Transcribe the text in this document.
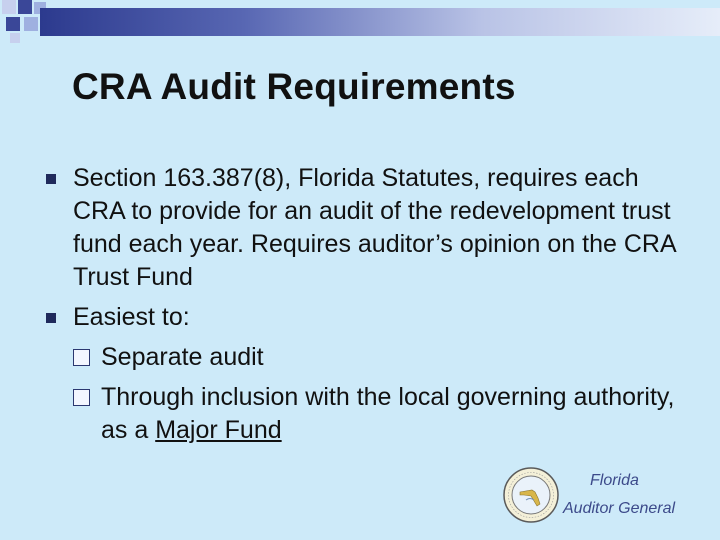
CRA Audit Requirements
Section 163.387(8), Florida Statutes, requires each CRA to provide for an audit of the redevelopment trust fund each year. Requires auditor’s opinion on the CRA Trust Fund
Easiest to:
Separate audit
Through inclusion with the local governing authority, as a Major Fund
Florida
Auditor General
